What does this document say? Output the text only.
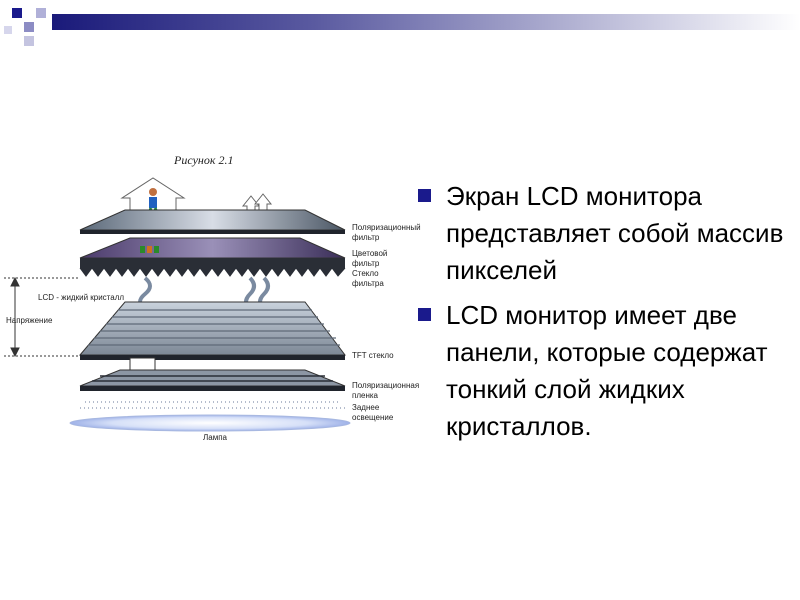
Рисунок 2.1
LCD - жидкий кристалл
Напряжение
Поляризационный
фильтр
Цветовой
фильтр
Стекло
фильтра
TFT стекло
Поляризационная
пленка
Заднее
освещение
Лампа
Экран LCD монитора представляет собой массив пикселей
LCD монитор имеет две панели, которые содержат тонкий слой жидких кристаллов.
